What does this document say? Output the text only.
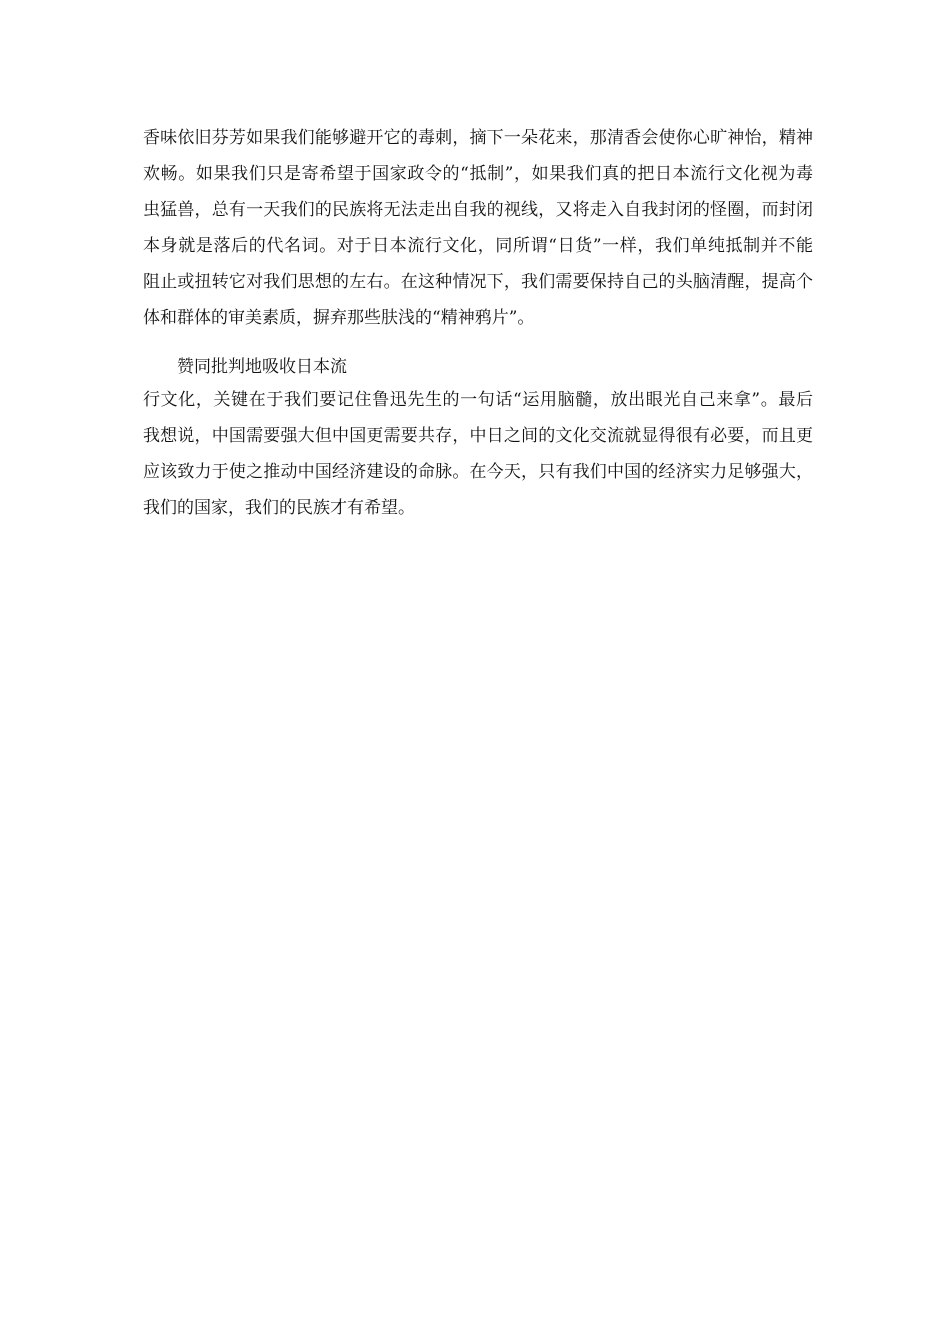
香味依旧芬芳如果我们能够避开它的毒刺，摘下一朵花来，那清香会使你心旷神怡，精神
欢畅。如果我们只是寄希望于国家政令的“抵制”，如果我们真的把日本流行文化视为毒
虫猛兽，总有一天我们的民族将无法走出自我的视线，又将走入自我封闭的怪圈，而封闭
本身就是落后的代名词。对于日本流行文化，同所谓“日货”一样，我们单纯抵制并不能
阻止或扭转它对我们思想的左右。在这种情况下，我们需要保持自己的头脑清醒，提高个
体和群体的审美素质，摒弃那些肤浅的“精神鸦片”。
赞同批判地吸收日本流
行文化，关键在于我们要记住鲁迅先生的一句话“运用脑髓，放出眼光自己来拿”。最后
我想说，中国需要强大但中国更需要共存，中日之间的文化交流就显得很有必要，而且更
应该致力于使之推动中国经济建设的命脉。在今天，只有我们中国的经济实力足够强大，
我们的国家，我们的民族才有希望。
